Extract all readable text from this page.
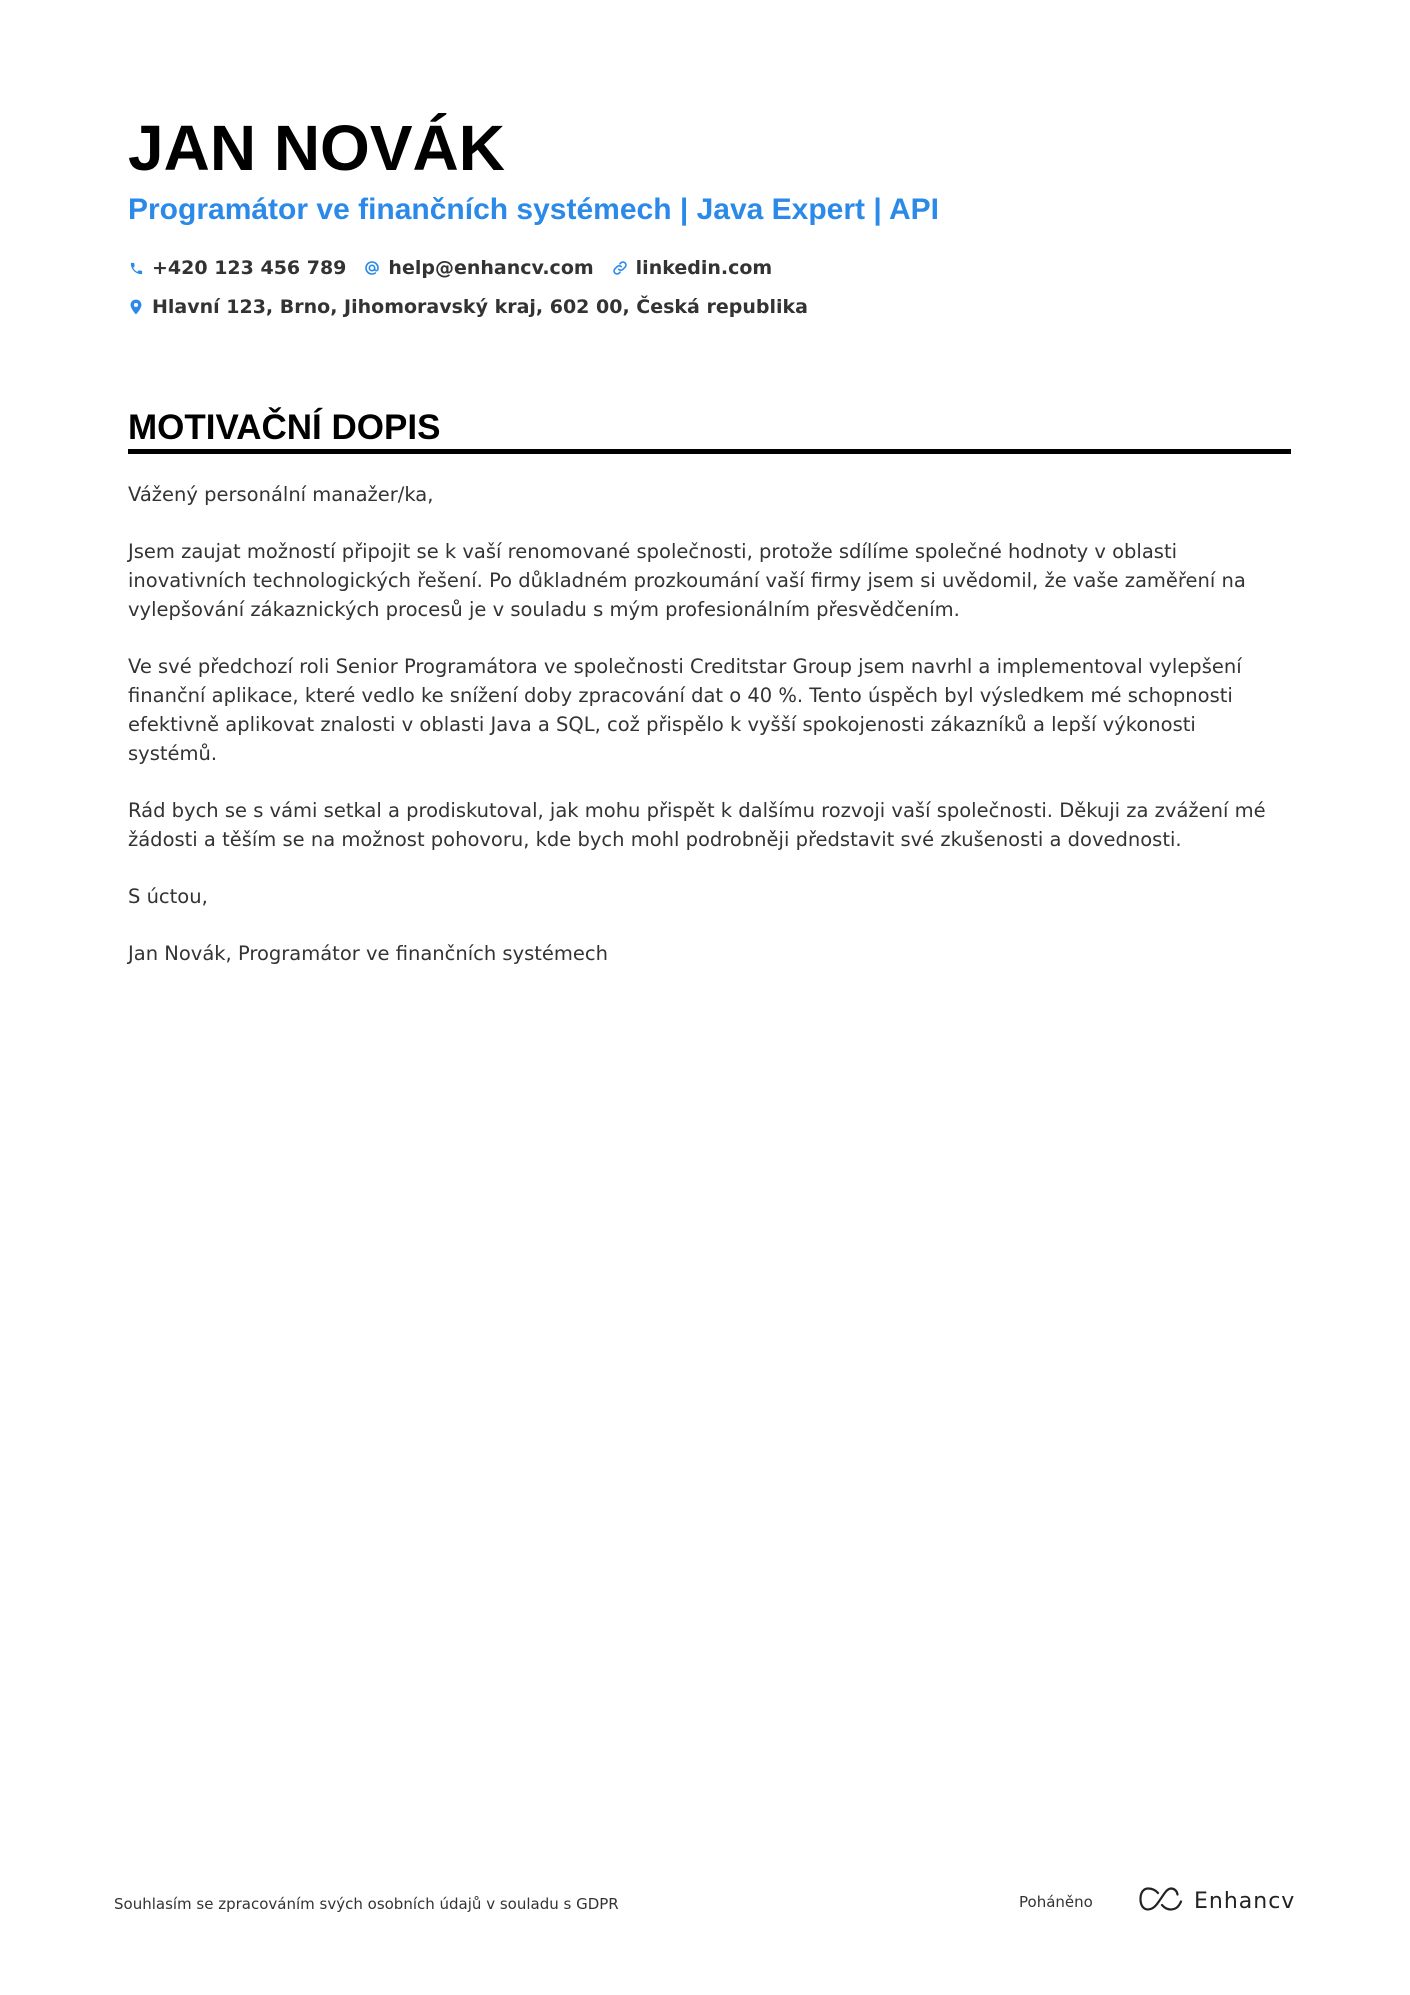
JAN NOVÁK
Programátor ve finančních systémech | Java Expert | API
+420 123 456 789 help@enhancv.com linkedin.com
Hlavní 123, Brno, Jihomoravský kraj, 602 00, Česká republika
MOTIVAČNÍ DOPIS

Vážený personální manažer/ka,

Jsem zaujat možností připojit se k vaší renomované společnosti, protože sdílíme společné hodnoty v oblasti inovativních technologických řešení. Po důkladném prozkoumání vaší firmy jsem si uvědomil, že vaše zaměření na vylepšování zákaznických procesů je v souladu s mým profesionálním přesvědčením.

Ve své předchozí roli Senior Programátora ve společnosti Creditstar Group jsem navrhl a implementoval vylepšení finanční aplikace, které vedlo ke snížení doby zpracování dat o 40 %. Tento úspěch byl výsledkem mé schopnosti efektivně aplikovat znalosti v oblasti Java a SQL, což přispělo k vyšší spokojenosti zákazníků a lepší výkonosti systémů.

Rád bych se s vámi setkal a prodiskutoval, jak mohu přispět k dalšímu rozvoji vaší společnosti. Děkuji za zvážení mé žádosti a těším se na možnost pohovoru, kde bych mohl podrobněji představit své zkušenosti a dovednosti.

S úctou,

Jan Novák, Programátor ve finančních systémech

Souhlasím se zpracováním svých osobních údajů v souladu s GDPR	Poháněno	Enhancv
